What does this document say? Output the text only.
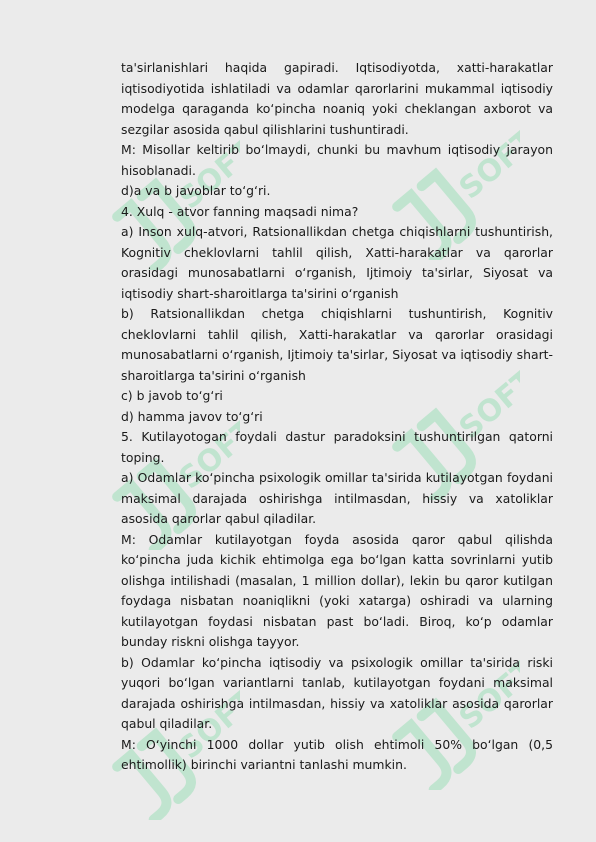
SOFT	SOFT
SOFT
SOFT
SOFT	SOFT

ta'sirlanishlari haqida gapiradi. Iqtisodiyotda, xatti-harakatlar iqtisodiyotida ishlatiladi va odamlar qarorlarini mukammal iqtisodiy modelga qaraganda koʻpincha noaniq yoki cheklangan axborot va sezgilar asosida qabul qilishlarini tushuntiradi.

M: Misollar keltirib boʻlmaydi, chunki bu mavhum iqtisodiy jarayon hisoblanadi.

d)a va b javoblar toʻgʻri.

4. Xulq - atvor fanning maqsadi nima?

a) Inson xulq-atvori, Ratsionallikdan chetga chiqishlarni tushuntirish, Kognitiv cheklovlarni tahlil qilish, Xatti-harakatlar va qarorlar orasidagi munosabatlarni oʻrganish, Ijtimoiy ta'sirlar, Siyosat va iqtisodiy shart-sharoitlarga ta'sirini oʻrganish

b) Ratsionallikdan chetga chiqishlarni tushuntirish, Kognitiv cheklovlarni tahlil qilish, Xatti-harakatlar va qarorlar orasidagi munosabatlarni oʻrganish, Ijtimoiy ta'sirlar, Siyosat va iqtisodiy shart-sharoitlarga ta'sirini oʻrganish

c) b javob toʻgʻri

d) hamma javov toʻgʻri

5. Kutilayotogan foydali dastur paradoksini tushuntirilgan qatorni toping.

a) Odamlar koʻpincha psixologik omillar ta'sirida kutilayotgan foydani maksimal darajada oshirishga intilmasdan, hissiy va xatoliklar asosida qarorlar qabul qiladilar.

M: Odamlar kutilayotgan foyda asosida qaror qabul qilishda koʻpincha juda kichik ehtimolga ega boʻlgan katta sovrinlarni yutib olishga intilishadi (masalan, 1 million dollar), lekin bu qaror kutilgan foydaga nisbatan noaniqlikni (yoki xatarga) oshiradi va ularning kutilayotgan foydasi nisbatan past boʻladi. Biroq, koʻp odamlar bunday riskni olishga tayyor.

b) Odamlar koʻpincha iqtisodiy va psixologik omillar ta'sirida riski yuqori boʻlgan variantlarni tanlab, kutilayotgan foydani maksimal darajada oshirishga intilmasdan, hissiy va xatoliklar asosida qarorlar qabul qiladilar.

M: Oʻyinchi 1000 dollar yutib olish ehtimoli 50% boʻlgan (0,5 ehtimollik) birinchi variantni tanlashi mumkin.
